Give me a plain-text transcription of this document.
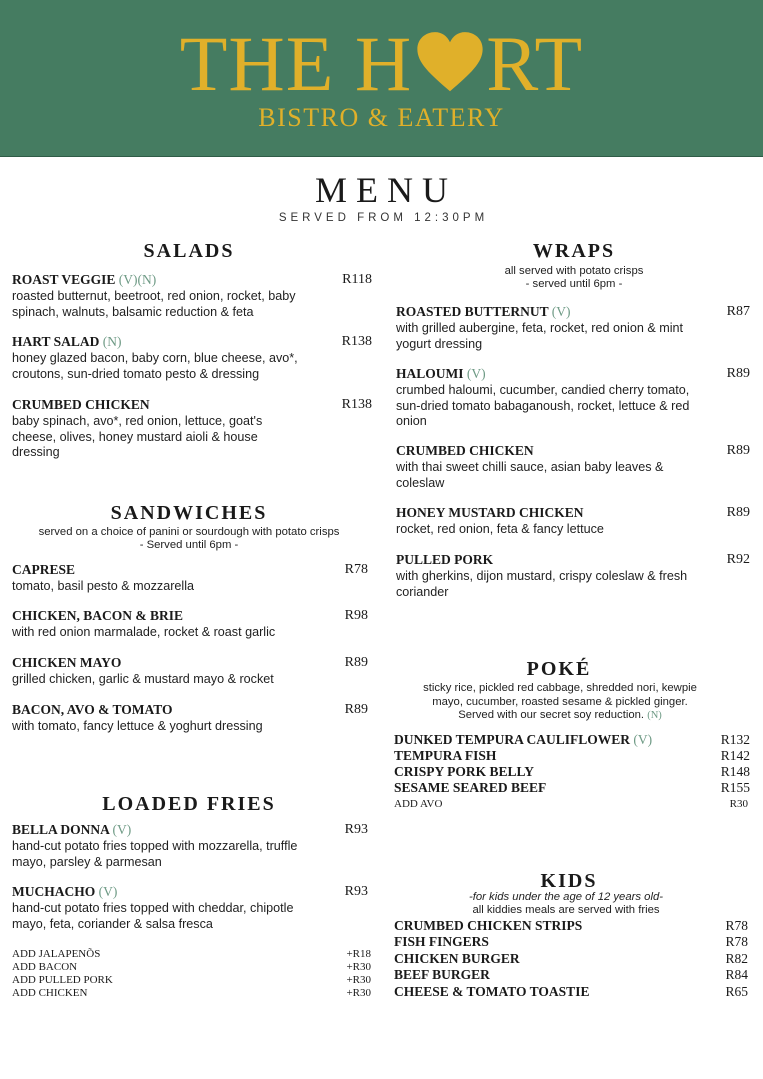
THE H RT
BISTRO & EATERY
MENU
SERVED FROM 12:30PM
SALADS
ROAST VEGGIE (V)(N)	R118
roasted butternut, beetroot, red onion, rocket, baby spinach, walnuts, balsamic reduction & feta
HART SALAD (N)	R138
honey glazed bacon, baby corn, blue cheese, avo*, croutons, sun-dried tomato pesto & dressing
CRUMBED CHICKEN	R138
baby spinach, avo*, red onion, lettuce, goat's cheese, olives, honey mustard aioli & house dressing
SANDWICHES
served on a choice of panini or sourdough with potato crisps
- Served until 6pm -
CAPRESE	R78
tomato, basil pesto & mozzarella
CHICKEN, BACON & BRIE	R98
with red onion marmalade, rocket & roast garlic
CHICKEN MAYO	R89
grilled chicken, garlic & mustard mayo & rocket
BACON, AVO & TOMATO	R89
with tomato, fancy lettuce & yoghurt dressing
LOADED FRIES
BELLA DONNA (V)	R93
hand-cut potato fries topped with mozzarella, truffle mayo, parsley & parmesan
MUCHACHO (V)	R93
hand-cut potato fries topped with cheddar, chipotle mayo, feta, coriander & salsa fresca
ADD JALAPENÕS	+R18
ADD BACON	+R30
ADD PULLED PORK	+R30
ADD CHICKEN	+R30
WRAPS
all served with potato crisps
- served until 6pm -
ROASTED BUTTERNUT (V)	R87
with grilled aubergine, feta, rocket, red onion & mint yogurt dressing
HALOUMI (V)	R89
crumbed haloumi, cucumber, candied cherry tomato, sun-dried tomato babaganoush, rocket, lettuce & red onion
CRUMBED CHICKEN	R89
with thai sweet chilli sauce, asian baby leaves & coleslaw
HONEY MUSTARD CHICKEN	R89
rocket, red onion, feta & fancy lettuce
PULLED PORK	R92
with gherkins, dijon mustard, crispy coleslaw & fresh coriander
POKÉ
sticky rice, pickled red cabbage, shredded nori, kewpie
mayo, cucumber, roasted sesame & pickled ginger.
Served with our secret soy reduction. (N)
DUNKED TEMPURA CAULIFLOWER (V)	R132
TEMPURA FISH	R142
CRISPY PORK BELLY	R148
SESAME SEARED BEEF	R155
ADD AVO	R30
KIDS
-for kids under the age of 12 years old-
all kiddies meals are served with fries
CRUMBED CHICKEN STRIPS	R78
FISH FINGERS	R78
CHICKEN BURGER	R82
BEEF BURGER	R84
CHEESE & TOMATO TOASTIE	R65
